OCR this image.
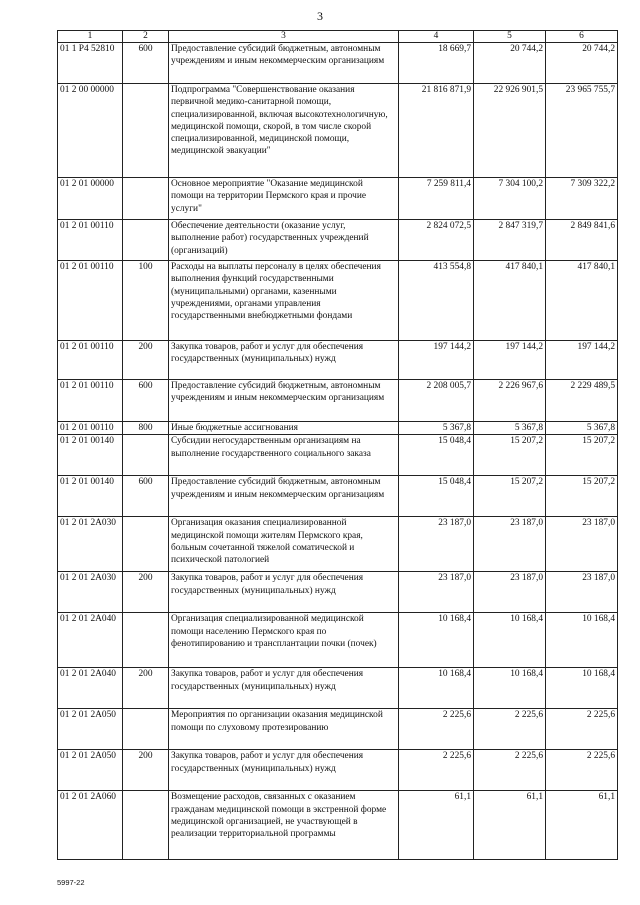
3
1	2	3	4	5	6
01 1 Р4 52810	600	Предоставление субсидий бюджетным, автономным учреждениям и иным некоммерческим организациям	18 669,7	20 744,2	20 744,2
01 2 00 00000		Подпрограмма "Совершенствование оказания первичной медико-санитарной помощи, специализированной, включая высокотехнологичную, медицинской помощи, скорой, в том числе скорой специализированной, медицинской помощи, медицинской эвакуации"	21 816 871,9	22 926 901,5	23 965 755,7
01 2 01 00000		Основное мероприятие "Оказание медицинской помощи на территории Пермского края и прочие услуги"	7 259 811,4	7 304 100,2	7 309 322,2
01 2 01 00110		Обеспечение деятельности (оказание услуг, выполнение работ) государственных учреждений (организаций)	2 824 072,5	2 847 319,7	2 849 841,6
01 2 01 00110	100	Расходы на выплаты персоналу в целях обеспечения выполнения функций государственными (муниципальными) органами, казенными учреждениями, органами управления государственными внебюджетными фондами	413 554,8	417 840,1	417 840,1
01 2 01 00110	200	Закупка товаров, работ и услуг для обеспечения государственных (муниципальных) нужд	197 144,2	197 144,2	197 144,2
01 2 01 00110	600	Предоставление субсидий бюджетным, автономным учреждениям и иным некоммерческим организациям	2 208 005,7	2 226 967,6	2 229 489,5
01 2 01 00110	800	Иные бюджетные ассигнования	5 367,8	5 367,8	5 367,8
01 2 01 00140		Субсидии негосударственным организациям на выполнение государственного социального заказа	15 048,4	15 207,2	15 207,2
01 2 01 00140	600	Предоставление субсидий бюджетным, автономным учреждениям и иным некоммерческим организациям	15 048,4	15 207,2	15 207,2
01 2 01 2А030		Организация оказания специализированной медицинской помощи жителям Пермского края, больным сочетанной тяжелой соматической и психической патологией	23 187,0	23 187,0	23 187,0
01 2 01 2А030	200	Закупка товаров, работ и услуг для обеспечения государственных (муниципальных) нужд	23 187,0	23 187,0	23 187,0
01 2 01 2А040		Организация специализированной медицинской помощи населению Пермского края по фенотипированию и трансплантации почки (почек)	10 168,4	10 168,4	10 168,4
01 2 01 2А040	200	Закупка товаров, работ и услуг для обеспечения государственных (муниципальных) нужд	10 168,4	10 168,4	10 168,4
01 2 01 2А050		Мероприятия по организации оказания медицинской помощи по слуховому протезированию	2 225,6	2 225,6	2 225,6
01 2 01 2А050	200	Закупка товаров, работ и услуг для обеспечения государственных (муниципальных) нужд	2 225,6	2 225,6	2 225,6
01 2 01 2А060		Возмещение расходов, связанных с оказанием гражданам медицинской помощи в экстренной форме медицинской организацией, не участвующей в реализации территориальной программы	61,1	61,1	61,1
5997-22
